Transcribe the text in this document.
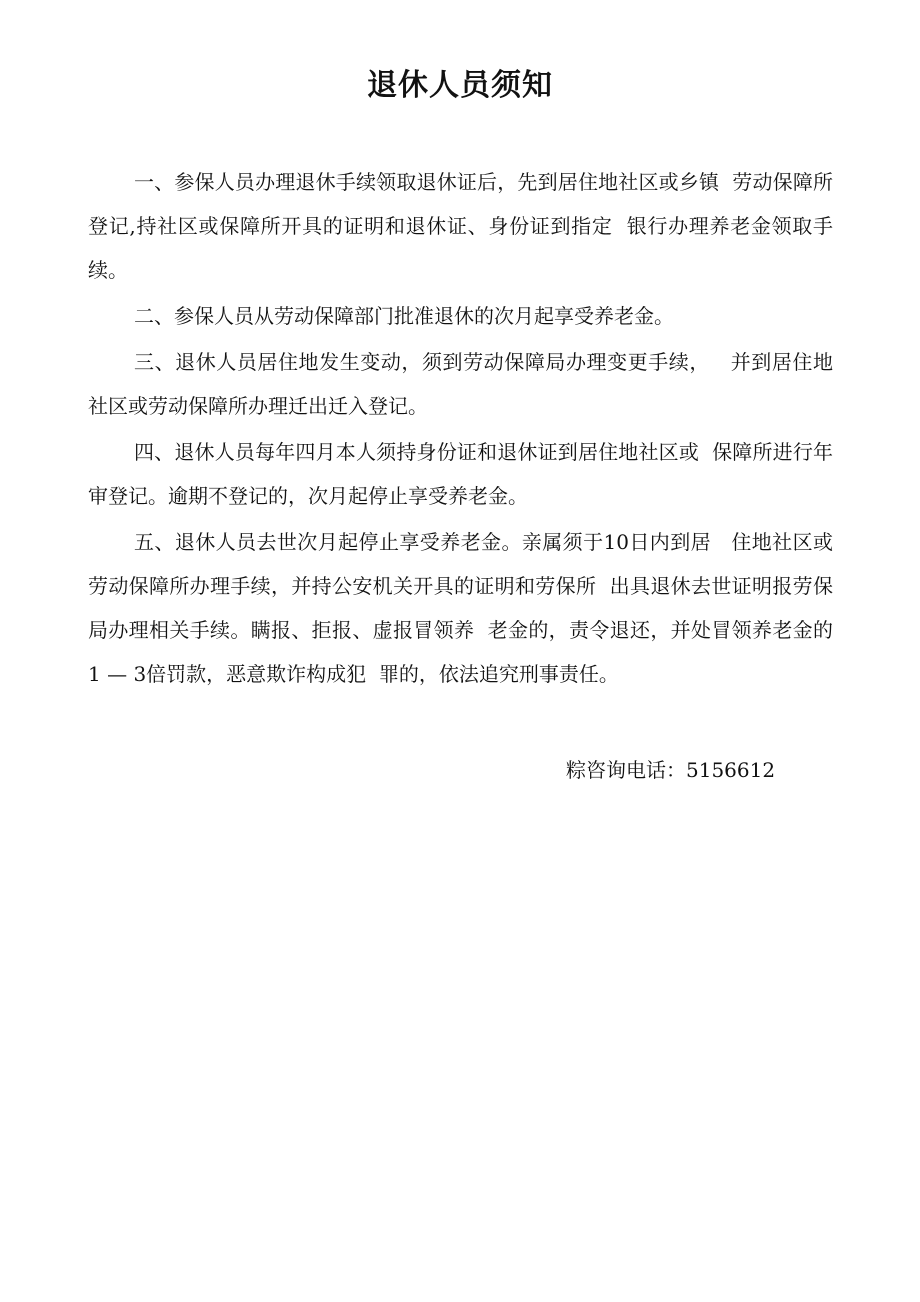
退休人员须知

一、参保人员办理退休手续领取退休证后，先到居住地社区或乡镇  劳动保障所登记,持社区或保障所开具的证明和退休证、身份证到指定  银行办理养老金领取手续。

二、参保人员从劳动保障部门批准退休的次月起享受养老金。

三、退休人员居住地发生变动，须到劳动保障局办理变更手续，   并到居住地社区或劳动保障所办理迁出迁入登记。

四、退休人员每年四月本人须持身份证和退休证到居住地社区或  保障所进行年审登记。逾期不登记的，次月起停止享受养老金。

五、退休人员去世次月起停止享受养老金。亲属须于10日内到居   住地社区或劳动保障所办理手续，并持公安机关开具的证明和劳保所  出具退休去世证明报劳保局办理相关手续。瞒报、拒报、虚报冒领养  老金的，责令退还，并处冒领养老金的1 — 3倍罚款，恶意欺诈构成犯  罪的，依法追究刑事责任。

粽咨询电话：5156612
